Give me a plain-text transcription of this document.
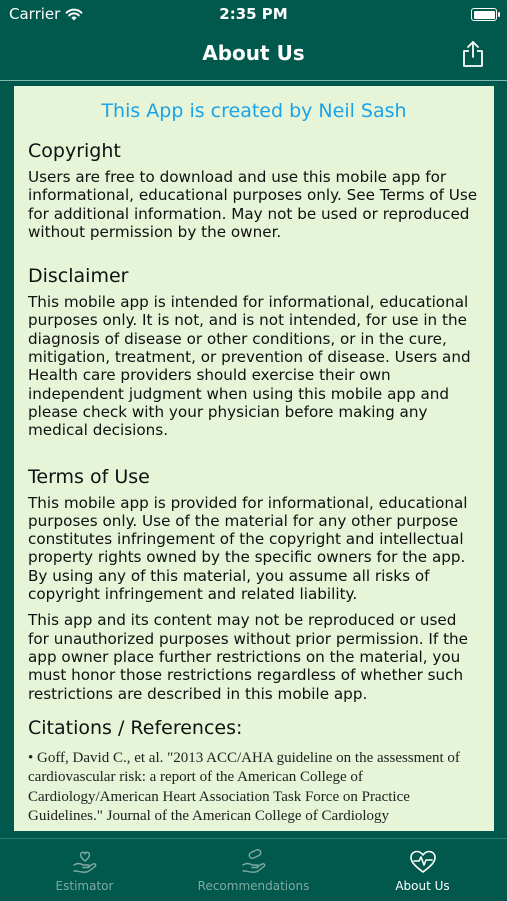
Carrier	2:35 PM
About Us
This App is created by Neil Sash
Copyright

Users are free to download and use this mobile app for informational, educational purposes only. See Terms of Use for additional information. May not be used or reproduced without permission by the owner.

Disclaimer

This mobile app is intended for informational, educational purposes only. It is not, and is not intended, for use in the diagnosis of disease or other conditions, or in the cure, mitigation, treatment, or prevention of disease. Users and Health care providers should exercise their own independent judgment when using this mobile app and please check with your physician before making any medical decisions.

Terms of Use

This mobile app is provided for informational, educational purposes only. Use of the material for any other purpose constitutes infringement of the copyright and intellectual property rights owned by the specific owners for the app. By using any of this material, you assume all risks of copyright infringement and related liability.

This app and its content may not be reproduced or used for unauthorized purposes without prior permission. If the app owner place further restrictions on the material, you must honor those restrictions regardless of whether such restrictions are described in this mobile app.

Citations / References:
• Goff, David C., et al. "2013 ACC/AHA guideline on the assessment of cardiovascular risk: a report of the American College of Cardiology/American Heart Association Task Force on Practice Guidelines." Journal of the American College of Cardiology
Estimator	Recommendations	About Us
